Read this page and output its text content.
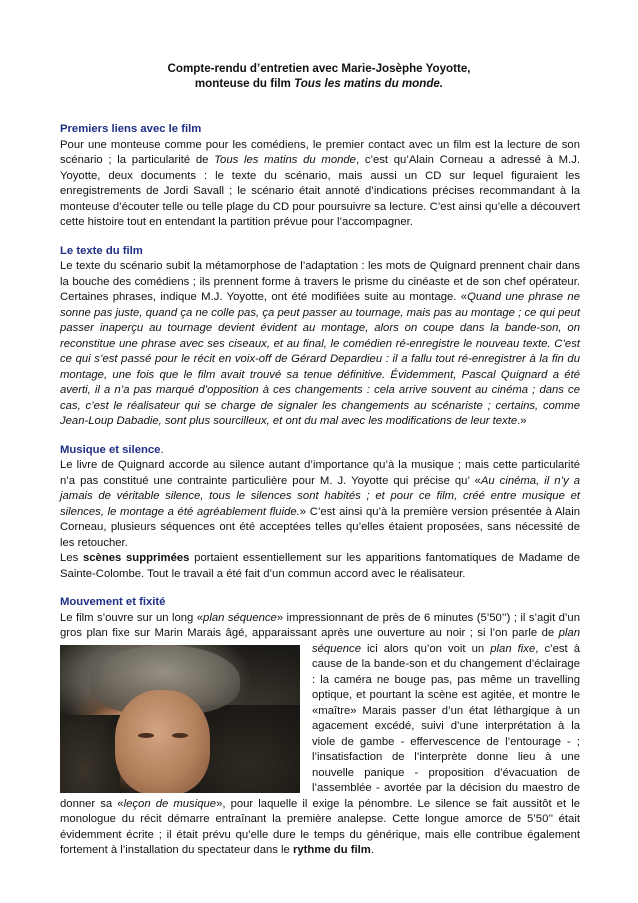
Compte-rendu d’entretien avec Marie-Josèphe Yoyotte,
monteuse du film Tous les matins du monde.

Premiers liens avec le film
Pour une monteuse comme pour les comédiens, le premier contact avec un film est la lecture de son scénario ; la particularité de Tous les matins du monde, c’est qu’Alain Corneau a adressé à M.J. Yoyotte, deux documents : le texte du scénario, mais aussi un CD sur lequel figuraient les enregistrements de Jordi Savall ; le scénario était annoté d’indications précises recommandant à la monteuse d’écouter telle ou telle plage du CD pour poursuivre sa lecture. C’est ainsi qu’elle a découvert cette histoire tout en entendant la partition prévue pour l’accompagner.

Le texte du film
Le texte du scénario subit la métamorphose de l’adaptation : les mots de Quignard prennent chair dans la bouche des comédiens ; ils prennent forme à travers le prisme du cinéaste et de son chef opérateur. Certaines phrases, indique M.J. Yoyotte, ont été modifiées suite au montage. «Quand une phrase ne sonne pas juste, quand ça ne colle pas, ça peut passer au tournage, mais pas au montage ; ce qui peut passer inaperçu au tournage devient évident au montage, alors on coupe dans la bande-son, on reconstitue une phrase avec ses ciseaux, et au final, le comédien ré-enregistre le nouveau texte. C’est ce qui s’est passé pour le récit en voix-off de Gérard Depardieu : il a fallu tout ré-enregistrer à la fin du montage, une fois que le film avait trouvé sa tenue définitive. Évidemment, Pascal Quignard a été averti, il a n’a pas marqué d’opposition à ces changements : cela arrive souvent au cinéma ; dans ce cas, c’est le réalisateur qui se charge de signaler les changements au scénariste ; certains, comme Jean-Loup Dabadie, sont plus sourcilleux, et ont du mal avec les modifications de leur texte.»

Musique et silence.
Le livre de Quignard accorde au silence autant d’importance qu’à la musique ; mais cette particularité n’a pas constitué une contrainte particulière pour M. J. Yoyotte qui précise qu’ «Au cinéma, il n’y a jamais de véritable silence, tous le silences sont habités ; et pour ce film, créé entre musique et silences, le montage a été agréablement fluide.» C’est ainsi qu’à la première version présentée à Alain Corneau, plusieurs séquences ont été acceptées telles qu’elles étaient proposées, sans nécessité de les retoucher.
Les scènes supprimées portaient essentiellement sur les apparitions fantomatiques de Madame de Sainte-Colombe. Tout le travail a été fait d’un commun accord avec le réalisateur.

Mouvement et fixité
Le film s’ouvre sur un long «plan séquence» impressionnant de près de 6 minutes (5’50’’) ; il s’agit d’un gros plan fixe sur Marin Marais âgé, apparaissant après une ouverture au noir ; si l’on parle de
plan séquence ici alors qu’on voit un plan fixe, c’est à cause de la bande-son et du changement d’éclairage : la caméra ne bouge pas, pas même un travelling optique, et pourtant la scène est agitée, et montre le «maître» Marais passer d’un état léthargique à un agacement excédé, suivi d’une interprétation à la viole de gambe - effervescence de l’entourage - ; l’insatisfaction de l’interprète donne lieu à une nouvelle panique - proposition d’évacuation de l’assemblée - avortée par la décision du maestro de donner sa «leçon de musique», pour laquelle il exige la pénombre. Le silence se fait aussitôt et le monologue du récit démarre entraînant la première analepse. Cette longue amorce de 5’50’’ était évidemment écrite ; il était prévu qu’elle dure le temps du générique, mais elle contribue également fortement à l’installation du spectateur dans le rythme du film.
